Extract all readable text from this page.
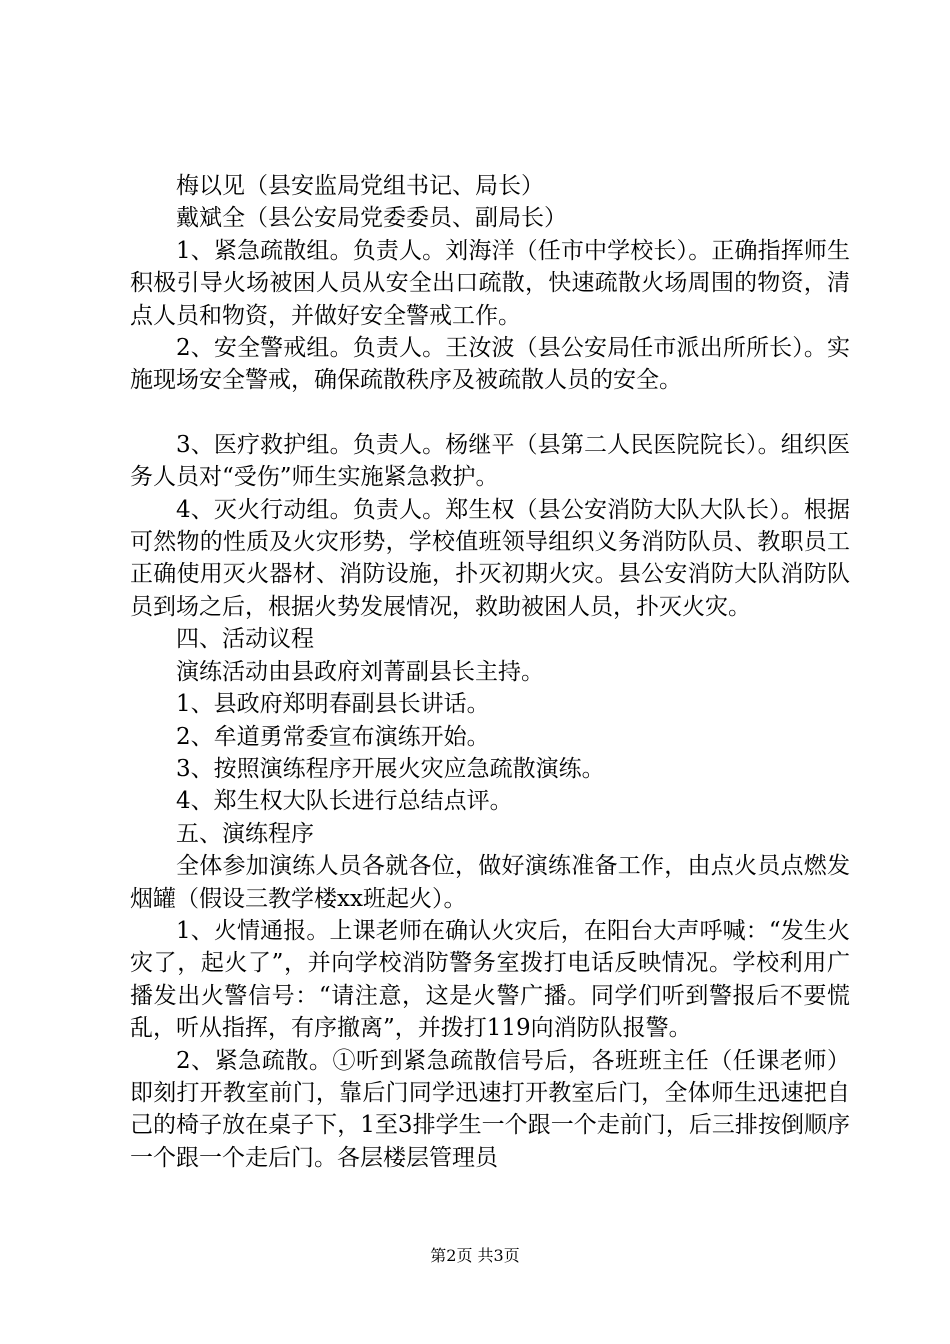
梅以见（县安监局党组书记、局长）

戴斌全（县公安局党委委员、副局长）

1、紧急疏散组。负责人。刘海洋（任市中学校长）。正确指挥师生积极引导火场被困人员从安全出口疏散，快速疏散火场周围的物资，清点人员和物资，并做好安全警戒工作。

2、安全警戒组。负责人。王汝波（县公安局任市派出所所长）。实施现场安全警戒，确保疏散秩序及被疏散人员的安全。

3、医疗救护组。负责人。杨继平（县第二人民医院院长）。组织医务人员对“受伤”师生实施紧急救护。

4、灭火行动组。负责人。郑生权（县公安消防大队大队长）。根据可然物的性质及火灾形势，学校值班领导组织义务消防队员、教职员工正确使用灭火器材、消防设施，扑灭初期火灾。县公安消防大队消防队员到场之后，根据火势发展情况，救助被困人员，扑灭火灾。

四、活动议程

演练活动由县政府刘菁副县长主持。

1、县政府郑明春副县长讲话。

2、牟道勇常委宣布演练开始。

3、按照演练程序开展火灾应急疏散演练。

4、郑生权大队长进行总结点评。

五、演练程序

全体参加演练人员各就各位，做好演练准备工作，由点火员点燃发烟罐（假设三教学楼xx班起火）。

1、火情通报。上课老师在确认火灾后，在阳台大声呼喊：“发生火灾了，起火了”，并向学校消防警务室拨打电话反映情况。学校利用广播发出火警信号：“请注意，这是火警广播。同学们听到警报后不要慌乱，听从指挥，有序撤离”，并拨打119向消防队报警。

2、紧急疏散。①听到紧急疏散信号后，各班班主任（任课老师）即刻打开教室前门，靠后门同学迅速打开教室后门，全体师生迅速把自己的椅子放在桌子下，1至3排学生一个跟一个走前门，后三排按倒顺序一个跟一个走后门。各层楼层管理员

第2页 共3页
